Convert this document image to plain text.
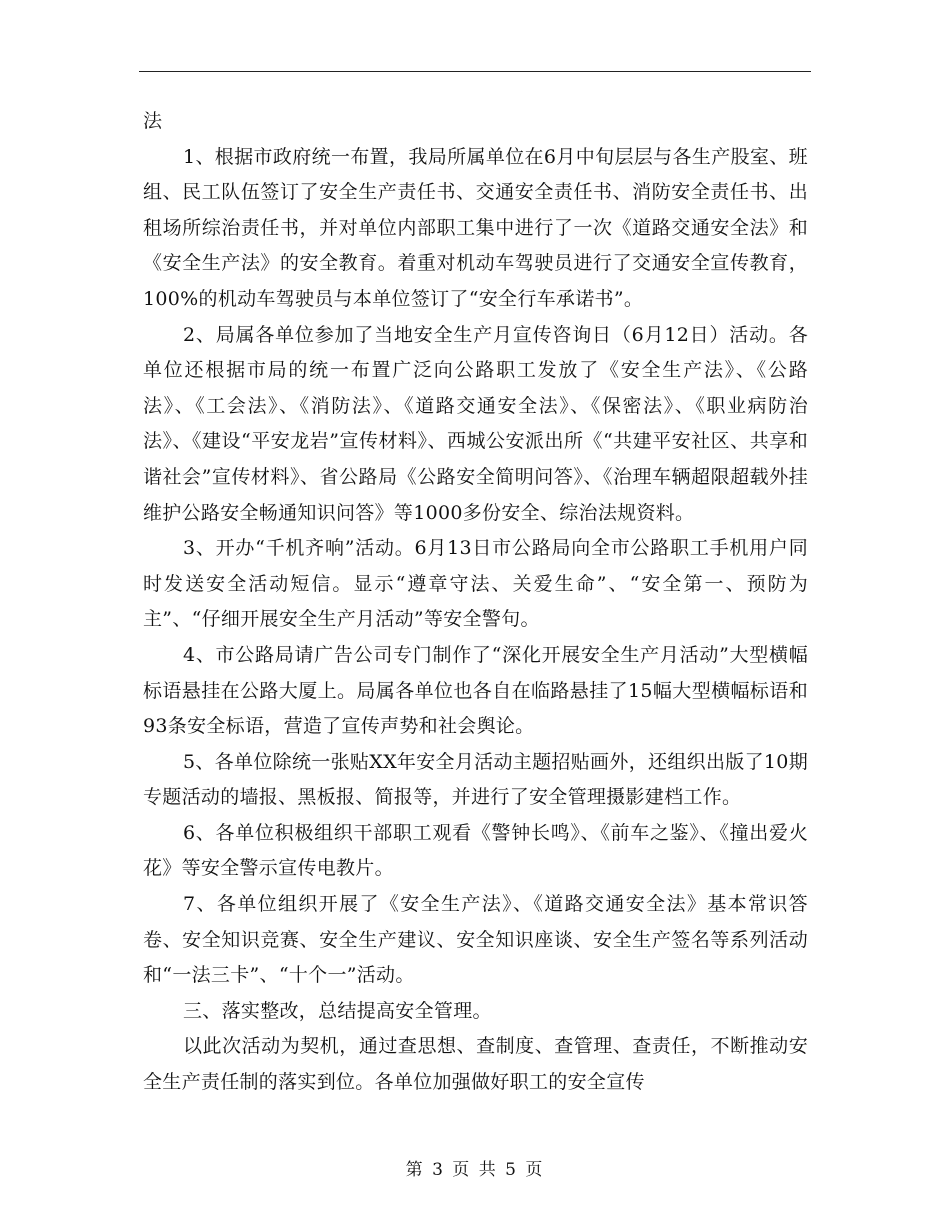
法

1、根据市政府统一布置，我局所属单位在6月中旬层层与各生产股室、班组、民工队伍签订了安全生产责任书、交通安全责任书、消防安全责任书、出租场所综治责任书，并对单位内部职工集中进行了一次《道路交通安全法》和《安全生产法》的安全教育。着重对机动车驾驶员进行了交通安全宣传教育，100%的机动车驾驶员与本单位签订了“安全行车承诺书”。

2、局属各单位参加了当地安全生产月宣传咨询日（6月12日）活动。各单位还根据市局的统一布置广泛向公路职工发放了《安全生产法》、《公路法》、《工会法》、《消防法》、《道路交通安全法》、《保密法》、《职业病防治法》、《建设“平安龙岩”宣传材料》、西城公安派出所《“共建平安社区、共享和谐社会”宣传材料》、省公路局《公路安全简明问答》、《治理车辆超限超载外挂维护公路安全畅通知识问答》等1000多份安全、综治法规资料。

3、开办“千机齐响”活动。6月13日市公路局向全市公路职工手机用户同时发送安全活动短信。显示“遵章守法、关爱生命”、“安全第一、预防为主”、“仔细开展安全生产月活动”等安全警句。

4、市公路局请广告公司专门制作了“深化开展安全生产月活动”大型横幅标语悬挂在公路大厦上。局属各单位也各自在临路悬挂了15幅大型横幅标语和93条安全标语，营造了宣传声势和社会舆论。

5、各单位除统一张贴XX年安全月活动主题招贴画外，还组织出版了10期专题活动的墙报、黑板报、简报等，并进行了安全管理摄影建档工作。

6、各单位积极组织干部职工观看《警钟长鸣》、《前车之鉴》、《撞出爱火花》等安全警示宣传电教片。

7、各单位组织开展了《安全生产法》、《道路交通安全法》基本常识答卷、安全知识竞赛、安全生产建议、安全知识座谈、安全生产签名等系列活动和“一法三卡”、“十个一”活动。

三、落实整改，总结提高安全管理。

以此次活动为契机，通过查思想、查制度、查管理、查责任，不断推动安全生产责任制的落实到位。各单位加强做好职工的安全宣传

第 3 页 共 5 页
